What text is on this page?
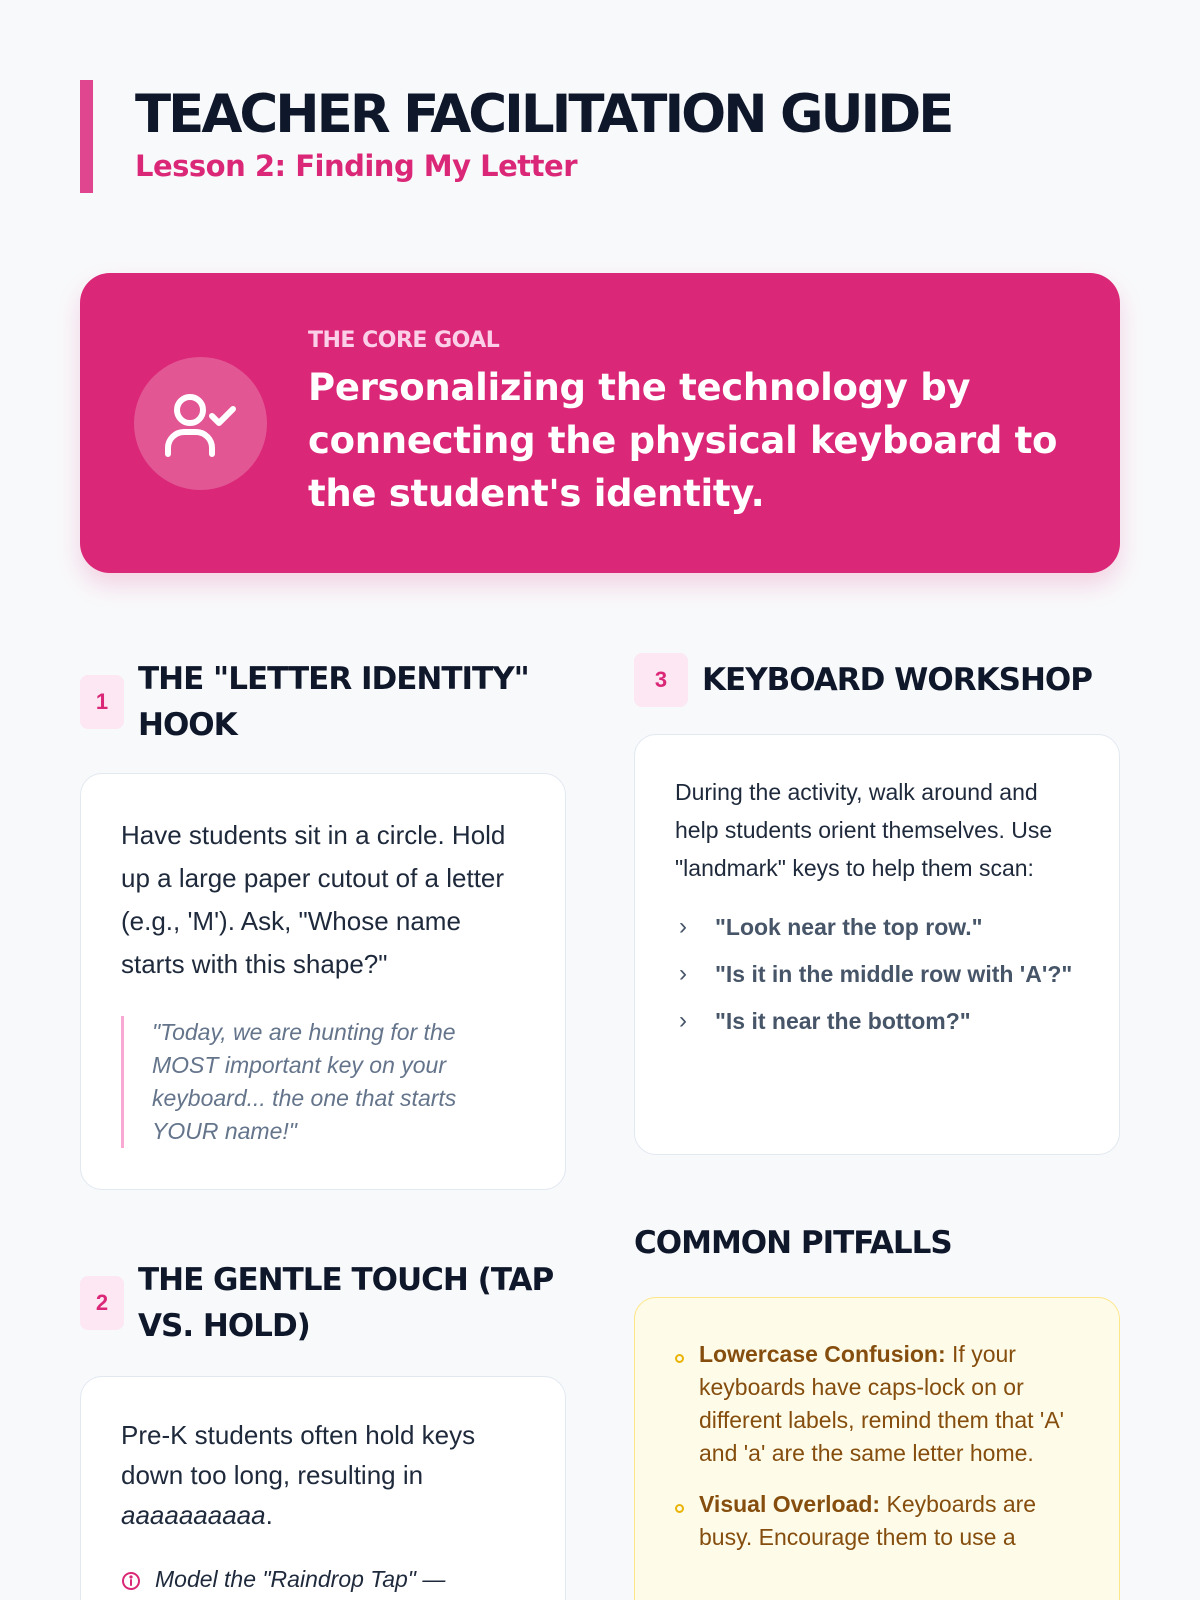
TEACHER FACILITATION GUIDE
Lesson 2: Finding My Letter
THE CORE GOAL
Personalizing the technology by connecting the physical keyboard to the student's identity.
1
THE "LETTER IDENTITY" HOOK
Have students sit in a circle. Hold up a large paper cutout of a letter (e.g., 'M'). Ask, "Whose name starts with this shape?"
"Today, we are hunting for the MOST important key on your keyboard... the one that starts YOUR name!"
2
THE GENTLE TOUCH (TAP VS. HOLD)
Pre-K students often hold keys down too long, resulting in aaaaaaaaaa.
Model the "Raindrop Tap" —
3	KEYBOARD WORKSHOP
During the activity, walk around and help students orient themselves. Use "landmark" keys to help them scan:
›	"Look near the top row."
›	"Is it in the middle row with 'A'?"
›	"Is it near the bottom?"
COMMON PITFALLS
Lowercase Confusion: If your keyboards have caps-lock on or different labels, remind them that 'A' and 'a' are the same letter home.
Visual Overload: Keyboards are busy. Encourage them to use a
